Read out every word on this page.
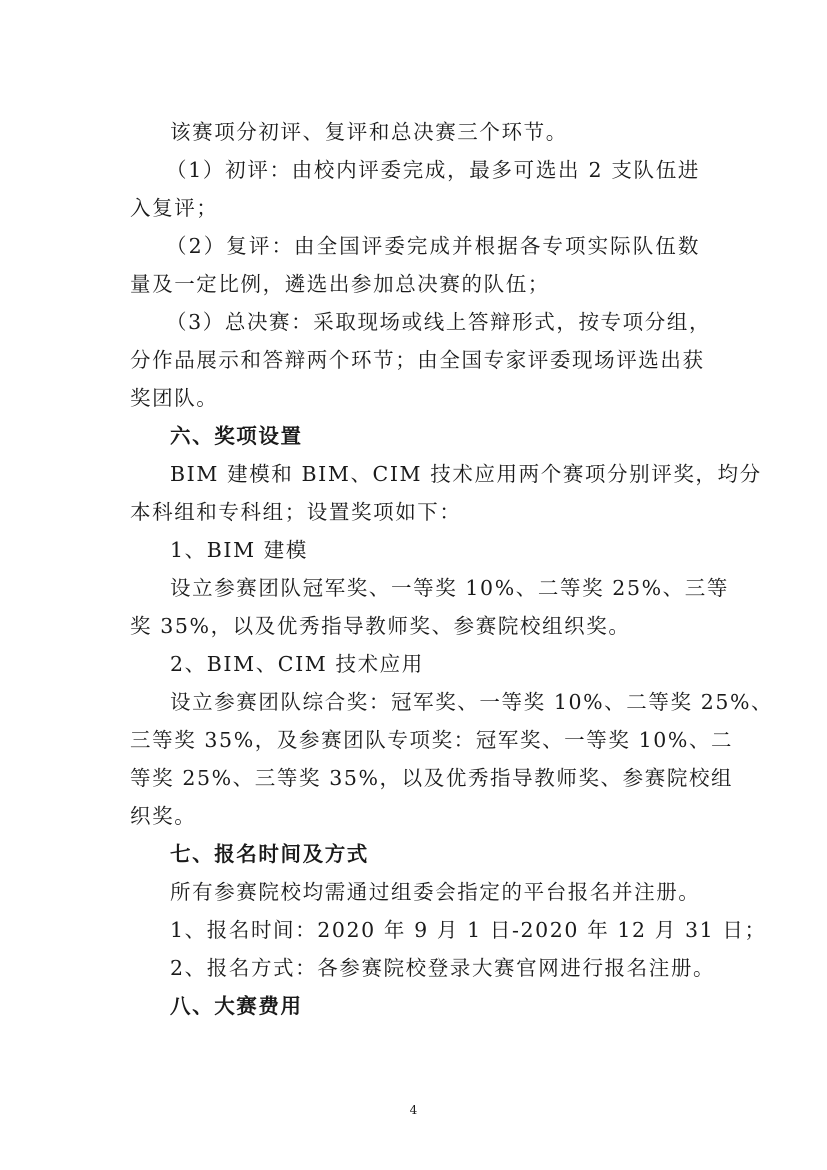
该赛项分初评、复评和总决赛三个环节。
（1）初评：由校内评委完成，最多可选出 2 支队伍进
入复评；
（2）复评：由全国评委完成并根据各专项实际队伍数
量及一定比例，遴选出参加总决赛的队伍；
（3）总决赛：采取现场或线上答辩形式，按专项分组，
分作品展示和答辩两个环节；由全国专家评委现场评选出获
奖团队。
六、奖项设置
BIM 建模和 BIM、CIM 技术应用两个赛项分别评奖，均分
本科组和专科组；设置奖项如下：
1、BIM 建模
设立参赛团队冠军奖、一等奖 10%、二等奖 25%、三等
奖 35%，以及优秀指导教师奖、参赛院校组织奖。
2、BIM、CIM 技术应用
设立参赛团队综合奖：冠军奖、一等奖 10%、二等奖 25%、
三等奖 35%，及参赛团队专项奖：冠军奖、一等奖 10%、二
等奖 25%、三等奖 35%，以及优秀指导教师奖、参赛院校组
织奖。
七、报名时间及方式
所有参赛院校均需通过组委会指定的平台报名并注册。
1、报名时间：2020 年 9 月 1 日-2020 年 12 月 31 日；
2、报名方式：各参赛院校登录大赛官网进行报名注册。
八、大赛费用
4
